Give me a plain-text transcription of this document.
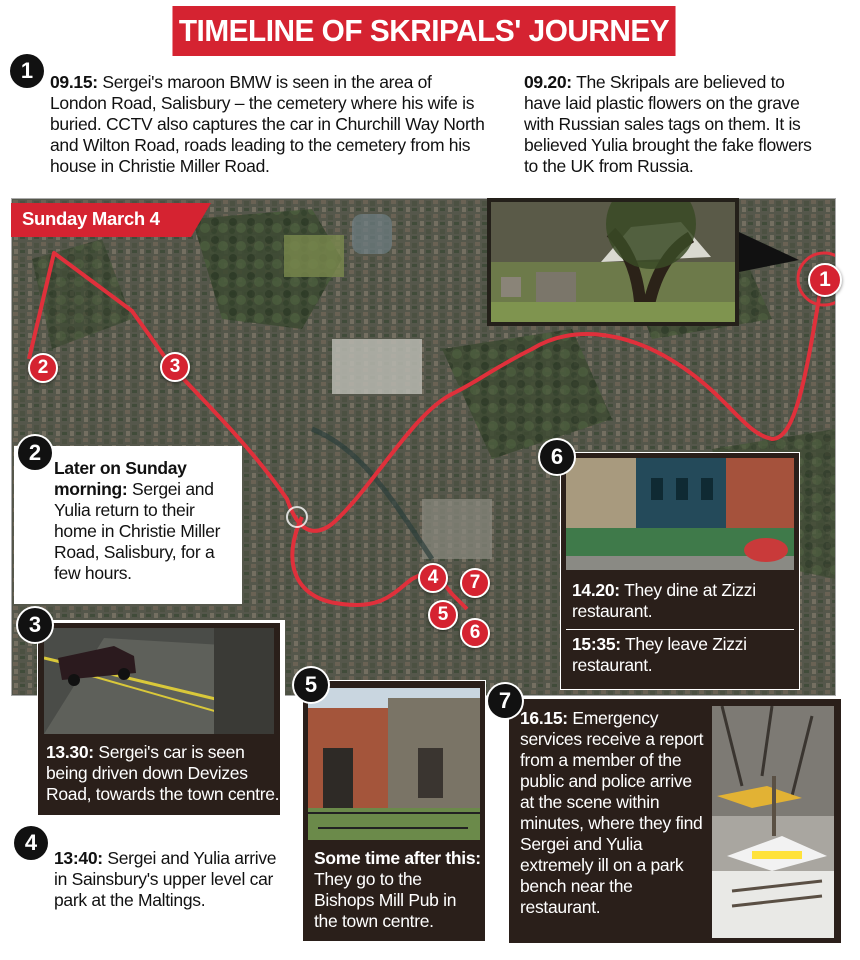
TIMELINE OF SKRIPALS' JOURNEY
1 09.15: Sergei's maroon BMW is seen in the area of London Road, Salisbury – the cemetery where his wife is buried. CCTV also captures the car in Churchill Way North and Wilton Road, roads leading to the cemetery from his house in Christie Miller Road.
09.20: The Skripals are believed to have laid plastic flowers on the grave with Russian sales tags on them. It is believed Yulia brought the fake flowers to the UK from Russia.
Sunday March 4
1
2	3
4
5
6
7
2
Later on Sunday morning: Sergei and Yulia return to their home in Christie Miller Road, Salisbury, for a few hours.
3
13.30: Sergei's car is seen being driven down Devizes Road, towards the town centre.
4
13:40: Sergei and Yulia arrive in Sainsbury's upper level car park at the Maltings.
5
Some time after this: They go to the Bishops Mill Pub in the town centre.
6
14.20: They dine at Zizzi restaurant.
15:35: They leave Zizzi restaurant.
7
16.15: Emergency services receive a report from a member of the public and police arrive at the scene within minutes, where they find Sergei and Yulia extremely ill on a park bench near the restaurant.
